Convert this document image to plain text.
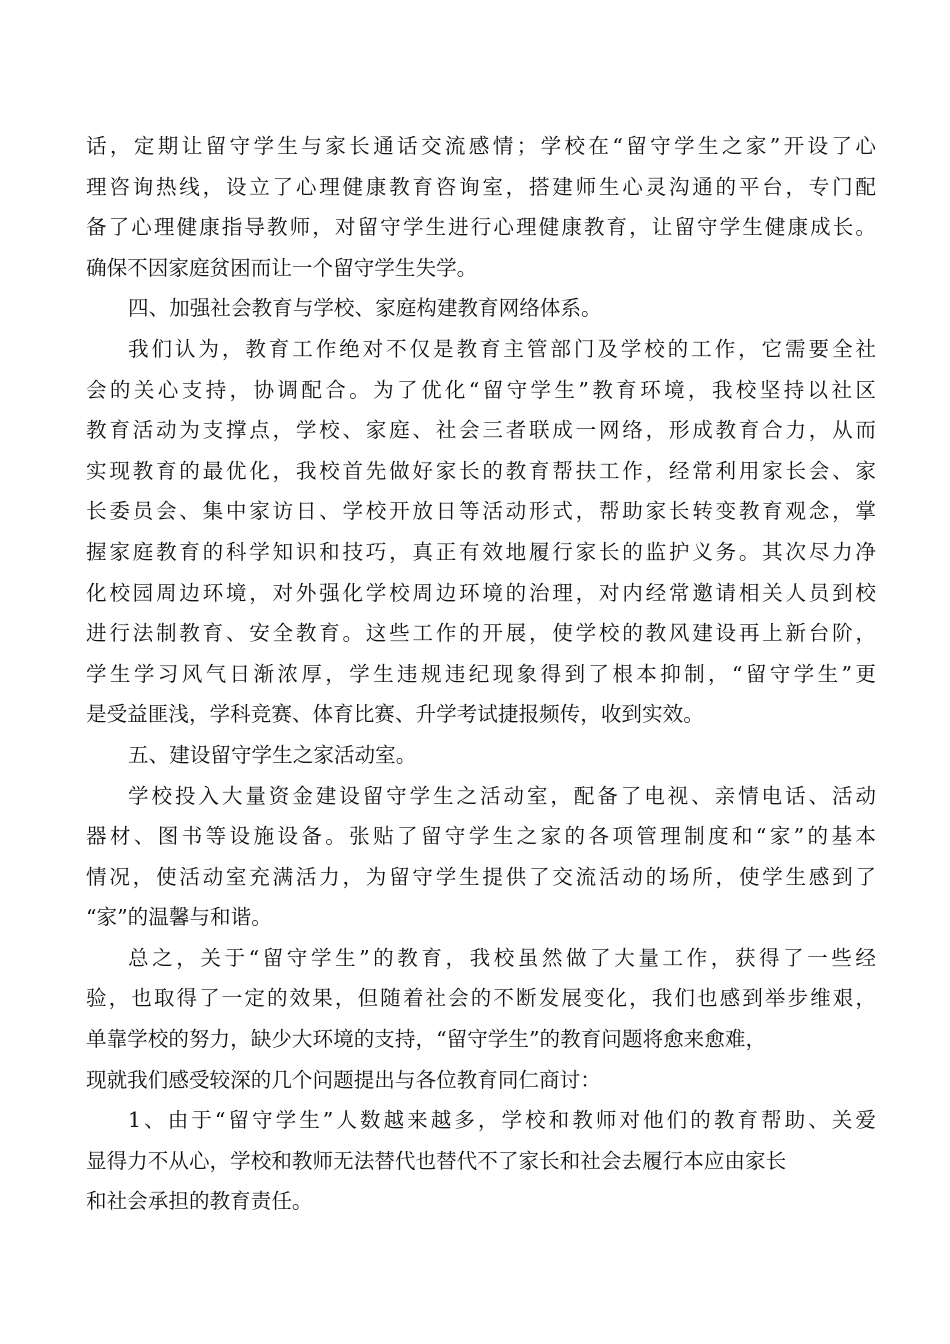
话，定期让留守学生与家长通话交流感情；学校在“留守学生之家”开设了心
理咨询热线，设立了心理健康教育咨询室，搭建师生心灵沟通的平台，专门配
备了心理健康指导教师，对留守学生进行心理健康教育，让留守学生健康成长。
确保不因家庭贫困而让一个留守学生失学。
四、加强社会教育与学校、家庭构建教育网络体系。
我们认为，教育工作绝对不仅是教育主管部门及学校的工作，它需要全社
会的关心支持，协调配合。为了优化“留守学生”教育环境，我校坚持以社区
教育活动为支撑点，学校、家庭、社会三者联成一网络，形成教育合力，从而
实现教育的最优化，我校首先做好家长的教育帮扶工作，经常利用家长会、家
长委员会、集中家访日、学校开放日等活动形式，帮助家长转变教育观念，掌
握家庭教育的科学知识和技巧，真正有效地履行家长的监护义务。其次尽力净
化校园周边环境，对外强化学校周边环境的治理，对内经常邀请相关人员到校
进行法制教育、安全教育。这些工作的开展，使学校的教风建设再上新台阶，
学生学习风气日渐浓厚，学生违规违纪现象得到了根本抑制，“留守学生”更
是受益匪浅，学科竞赛、体育比赛、升学考试捷报频传，收到实效。
五、建设留守学生之家活动室。
学校投入大量资金建设留守学生之活动室，配备了电视、亲情电话、活动
器材、图书等设施设备。张贴了留守学生之家的各项管理制度和“家”的基本
情况，使活动室充满活力，为留守学生提供了交流活动的场所，使学生感到了
“家”的温馨与和谐。
总之，关于“留守学生”的教育，我校虽然做了大量工作，获得了一些经
验，也取得了一定的效果，但随着社会的不断发展变化，我们也感到举步维艰，
单靠学校的努力，缺少大环境的支持，“留守学生”的教育问题将愈来愈难，
现就我们感受较深的几个问题提出与各位教育同仁商讨：
1、由于“留守学生”人数越来越多，学校和教师对他们的教育帮助、关爱
显得力不从心，学校和教师无法替代也替代不了家长和社会去履行本应由家长
和社会承担的教育责任。
